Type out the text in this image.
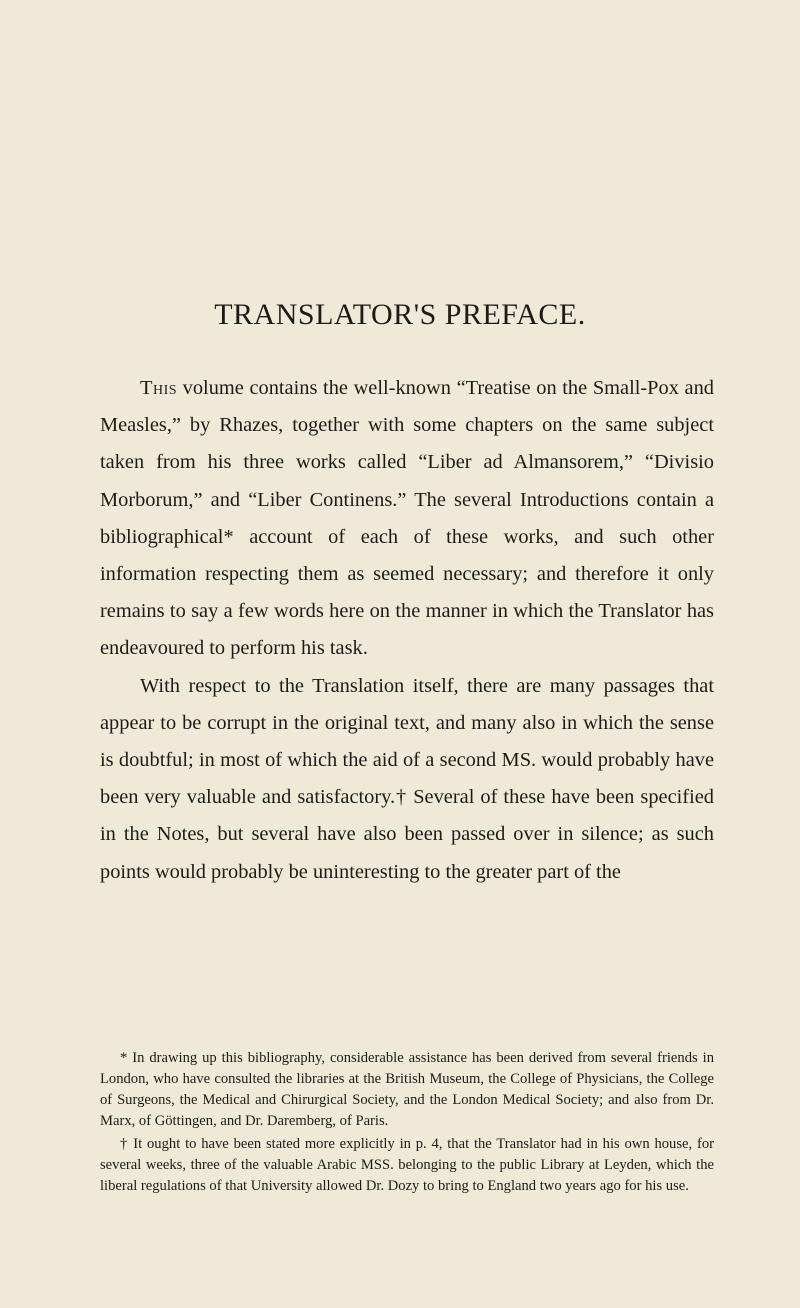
TRANSLATOR'S PREFACE.

This volume contains the well-known “Treatise on the Small-Pox and Measles,” by Rhazes, together with some chapters on the same subject taken from his three works called “Liber ad Almansorem,” “Divisio Morborum,” and “Liber Continens.” The several Introductions contain a bibliographical* account of each of these works, and such other information respecting them as seemed necessary; and therefore it only remains to say a few words here on the manner in which the Translator has endeavoured to perform his task.

With respect to the Translation itself, there are many passages that appear to be corrupt in the original text, and many also in which the sense is doubtful; in most of which the aid of a second MS. would probably have been very valuable and satisfactory.† Several of these have been specified in the Notes, but several have also been passed over in silence; as such points would probably be uninteresting to the greater part of the

* In drawing up this bibliography, considerable assistance has been derived from several friends in London, who have consulted the libraries at the British Museum, the College of Physicians, the College of Surgeons, the Medical and Chirurgical Society, and the London Medical Society; and also from Dr. Marx, of Göttingen, and Dr. Daremberg, of Paris.

† It ought to have been stated more explicitly in p. 4, that the Translator had in his own house, for several weeks, three of the valuable Arabic MSS. belonging to the public Library at Leyden, which the liberal regulations of that University allowed Dr. Dozy to bring to England two years ago for his use.
